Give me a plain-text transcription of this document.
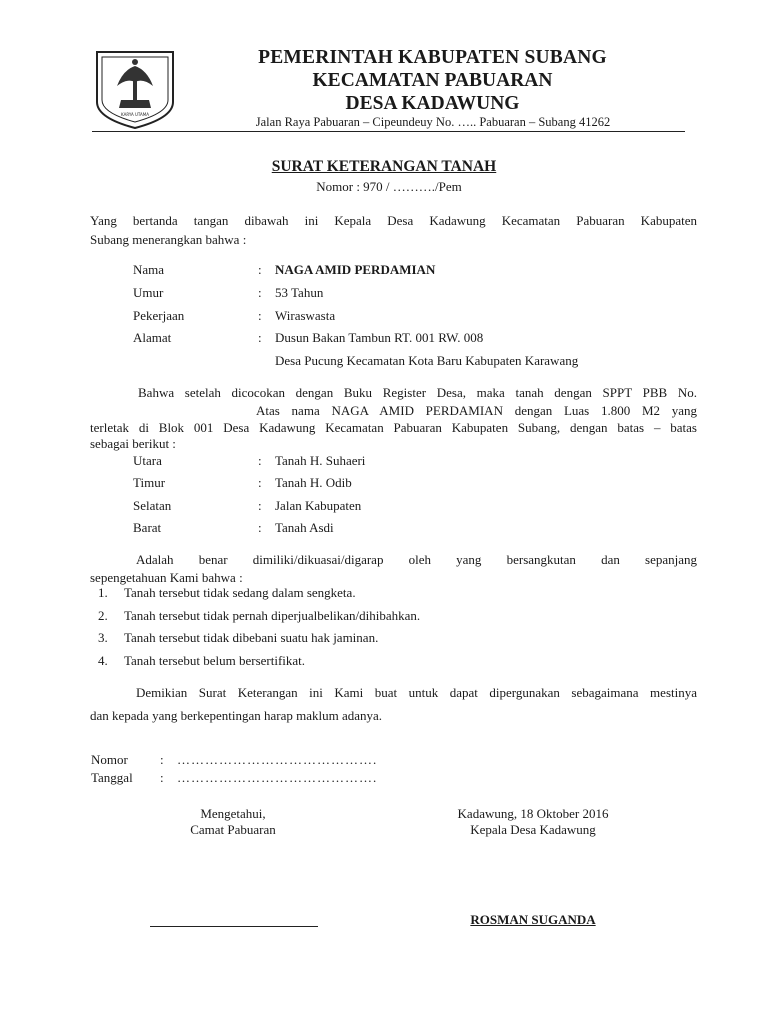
KARYA UTAMA
PEMERINTAH KABUPATEN SUBANG
KECAMATAN PABUARAN
DESA KADAWUNG
Jalan Raya Pabuaran – Cipeundeuy No. ….. Pabuaran – Subang 41262
SURAT KETERANGAN TANAH
Nomor : 970 / ………./Pem
Yang bertanda tangan dibawah ini Kepala Desa Kadawung Kecamatan Pabuaran Kabupaten
Subang menerangkan bahwa :
Nama	: NAGA AMID PERDAMIAN
Umur	: 53 Tahun
Pekerjaan	: Wiraswasta
Alamat	: Dusun Bakan Tambun RT. 001 RW. 008
Desa Pucung Kecamatan Kota Baru Kabupaten Karawang
Bahwa setelah dicocokan dengan Buku Register Desa, maka tanah dengan SPPT PBB No.
Atas nama NAGA AMID PERDAMIAN dengan Luas 1.800 M2 yang
terletak di Blok 001 Desa Kadawung Kecamatan Pabuaran Kabupaten Subang, dengan batas – batas
sebagai berikut :
Utara	: Tanah H. Suhaeri
Timur	: Tanah H. Odib
Selatan	: Jalan Kabupaten
Barat	: Tanah Asdi
Adalah benar dimiliki/dikuasai/digarap oleh yang bersangkutan dan sepanjang
sepengetahuan Kami bahwa :
1. Tanah tersebut tidak sedang dalam sengketa.
2. Tanah tersebut tidak pernah diperjualbelikan/dihibahkan.
3. Tanah tersebut tidak dibebani suatu hak jaminan.
4. Tanah tersebut belum bersertifikat.
Demikian Surat Keterangan ini Kami buat untuk dapat dipergunakan sebagaimana mestinya
dan kepada yang berkepentingan harap maklum adanya.
Nomor : …………………………………….
Tanggal : …………………………………….
Mengetahui,
Camat Pabuaran
Kadawung, 18 Oktober 2016
Kepala Desa Kadawung
ROSMAN SUGANDA
